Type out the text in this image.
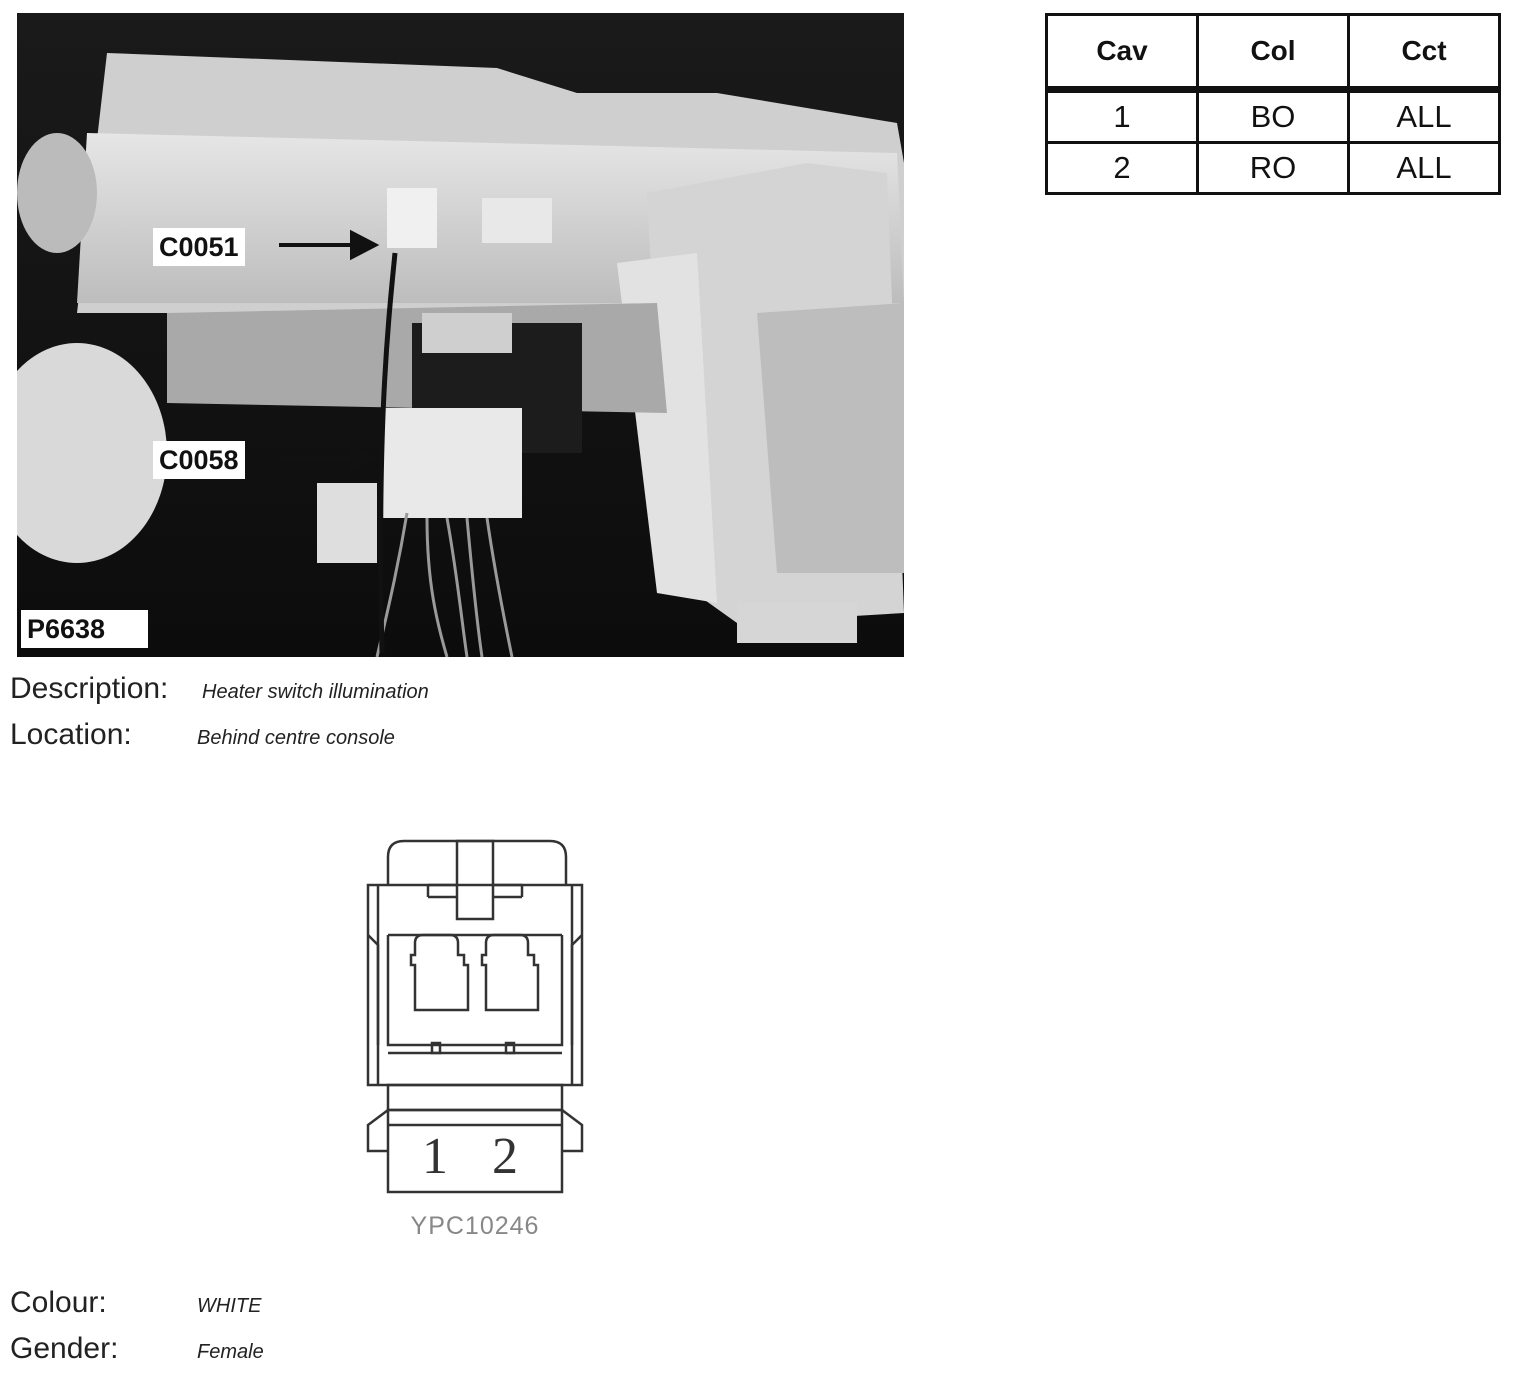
C0051
C0058
P6638
Cav	Col	Cct
1	BO	ALL
2	RO	ALL
Description:	Heater switch illumination
Location:	Behind centre console
1 2
YPC10246
Colour:	WHITE
Gender:	Female
